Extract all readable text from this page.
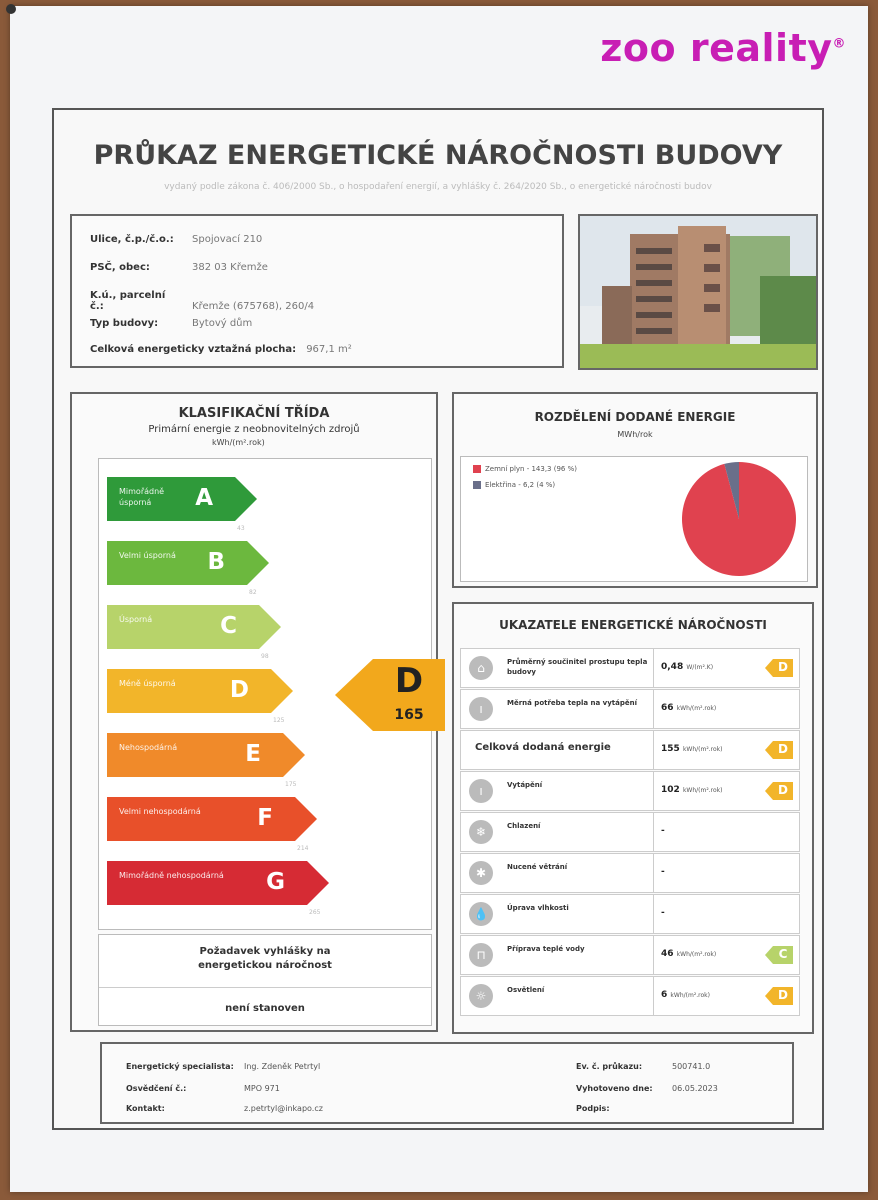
zoo reality®
PRŮKAZ ENERGETICKÉ NÁROČNOSTI BUDOVY
vydaný podle zákona č. 406/2000 Sb., o hospodaření energií, a vyhlášky č. 264/2020 Sb., o energetické náročnosti budov
Ulice, č.p./č.o.: Spojovací 210
PSČ, obec:	382 03 Křemže
K.ú., parcelní č.:	Křemže (675768), 260/4
Typ budovy:	Bytový dům
Celková energeticky vztažná plocha: 967,1 m²
KLASIFIKAČNÍ TŘÍDA
Primární energie z neobnovitelných zdrojů
kWh/(m².rok)
D
165
Mimořádně úsporná	A
43
Velmi úsporná	B
82
Úsporná	C
98
Méně úsporná	D
125
Nehospodárná	E
175
Velmi nehospodárná	F
214
Mimořádně nehospodárná	G
265
Požadavek vyhlášky na energetickou náročnost
není stanoven
ROZDĚLENÍ DODANÉ ENERGIE
MWh/rok
Zemní plyn - 143,3 (96 %)
Elektřina - 6,2 (4 %)
UKAZATELE ENERGETICKÉ NÁROČNOSTI
⌂	Průměrný součinitel prostupu tepla budovy	0,48 W/(m².K)	D
ı	Měrná potřeba tepla na vytápění	66 kWh/(m².rok)
Celková dodaná energie	155 kWh/(m².rok)	D
ı	Vytápění	102 kWh/(m².rok)	D
❄	Chlazení	-
✱	Nucené větrání	-
💧	Úprava vlhkosti	-
⊓	Příprava teplé vody	46 kWh/(m².rok)	C
☼	Osvětlení	6 kWh/(m².rok)	D
Energetický specialista: Ing. Zdeněk Petrtyl
Osvědčení č.:	MPO 971
Kontakt:	z.petrtyl@inkapo.cz
Ev. č. průkazu:	500741.0
Vyhotoveno dne: 06.05.2023
Podpis:
